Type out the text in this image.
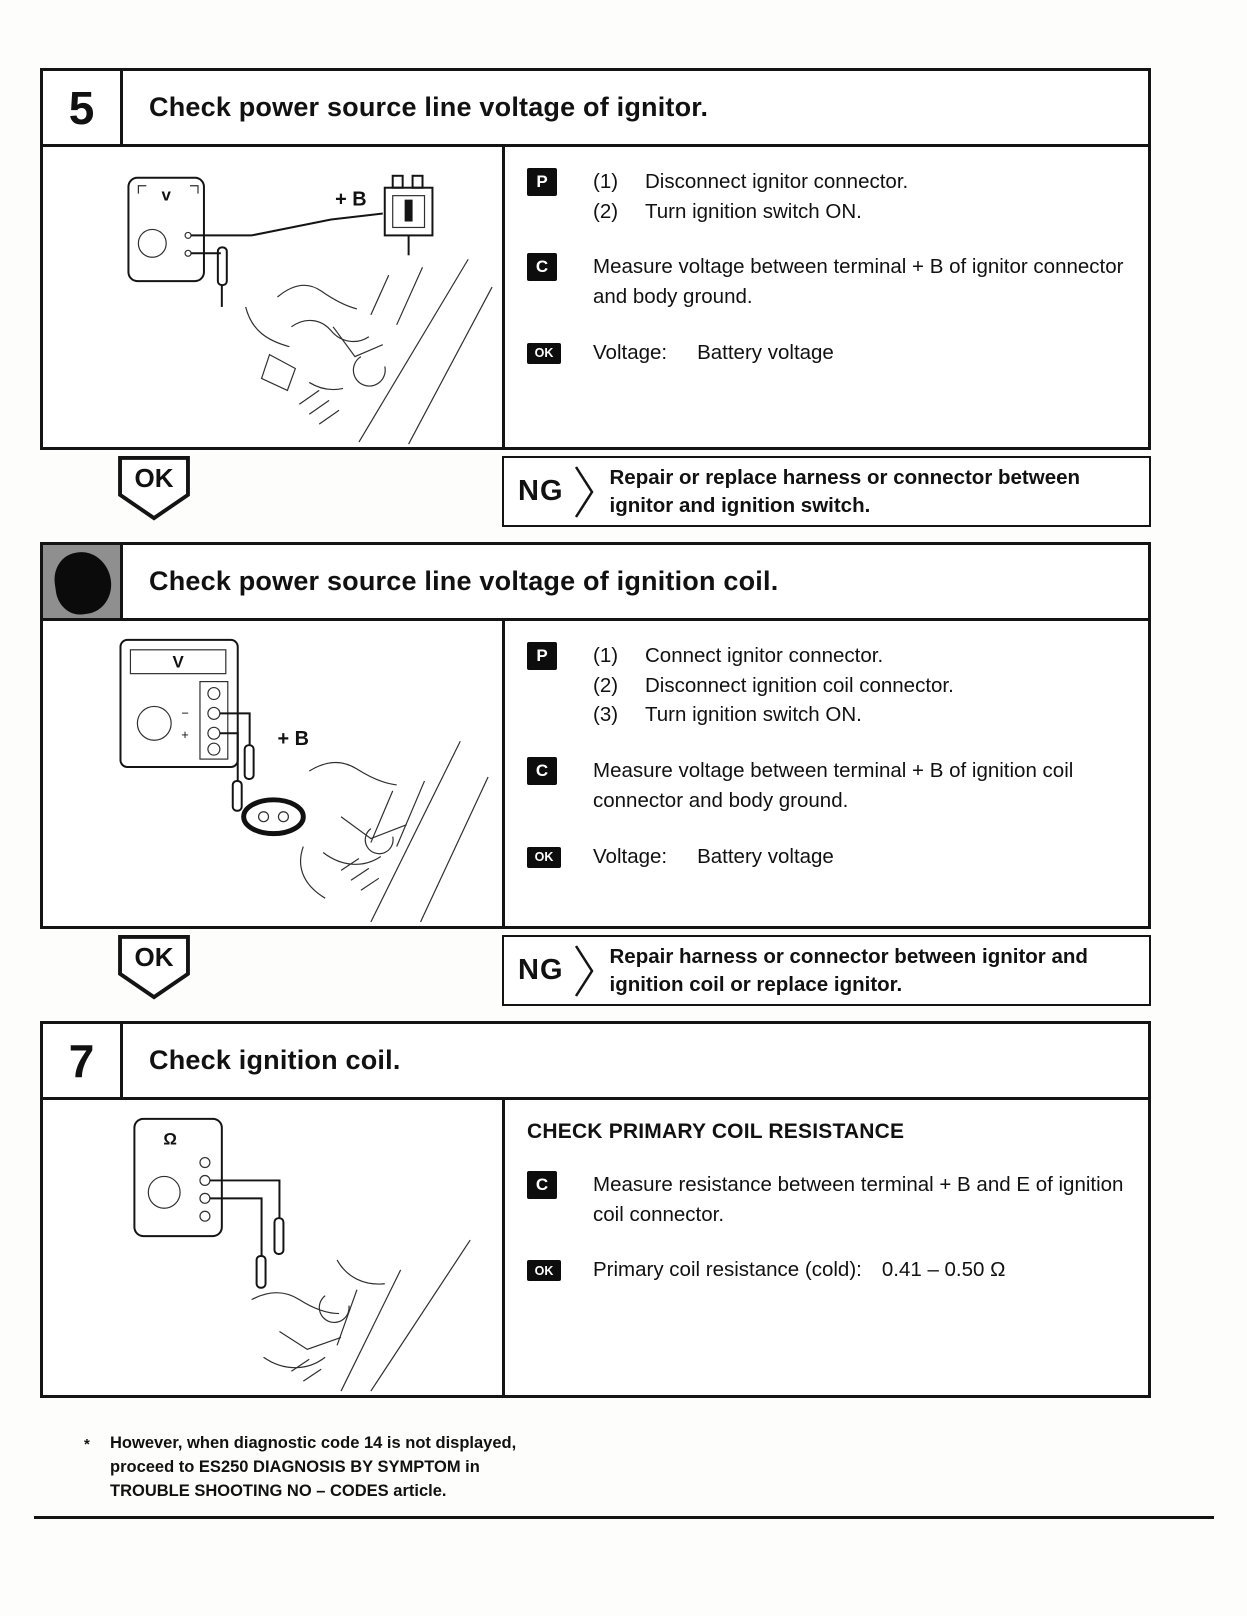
5	Check power source line voltage of ignitor.
v	+ B
P	(1)	Disconnect ignitor connector.
(2)	Turn ignition switch ON.
C	Measure voltage between terminal + B of ignitor connector and body ground.

OK	Voltage: Battery voltage
OK	NG Repair or replace harness or connector between ignitor and ignition switch.

6	Check power source line voltage of ignition coil.
V
−
+	+ B
P	(1)	Connect ignitor connector.
(2)	Disconnect ignition coil connector.
(3)	Turn ignition switch ON.
C	Measure voltage between terminal + B of ignition coil connector and body ground.

OK	Voltage: Battery voltage
OK	NG Repair harness or connector between ignitor and ignition coil or replace ignitor.

7	Check ignition coil.
Ω	CHECK PRIMARY COIL RESISTANCE
C	Measure resistance between terminal + B and E of ignition coil connector.

OK	Primary coil resistance (cold): 0.41 – 0.50 Ω
*	However, when diagnostic code 14 is not displayed,
proceed to ES250 DIAGNOSIS BY SYMPTOM in
TROUBLE SHOOTING NO – CODES article.
